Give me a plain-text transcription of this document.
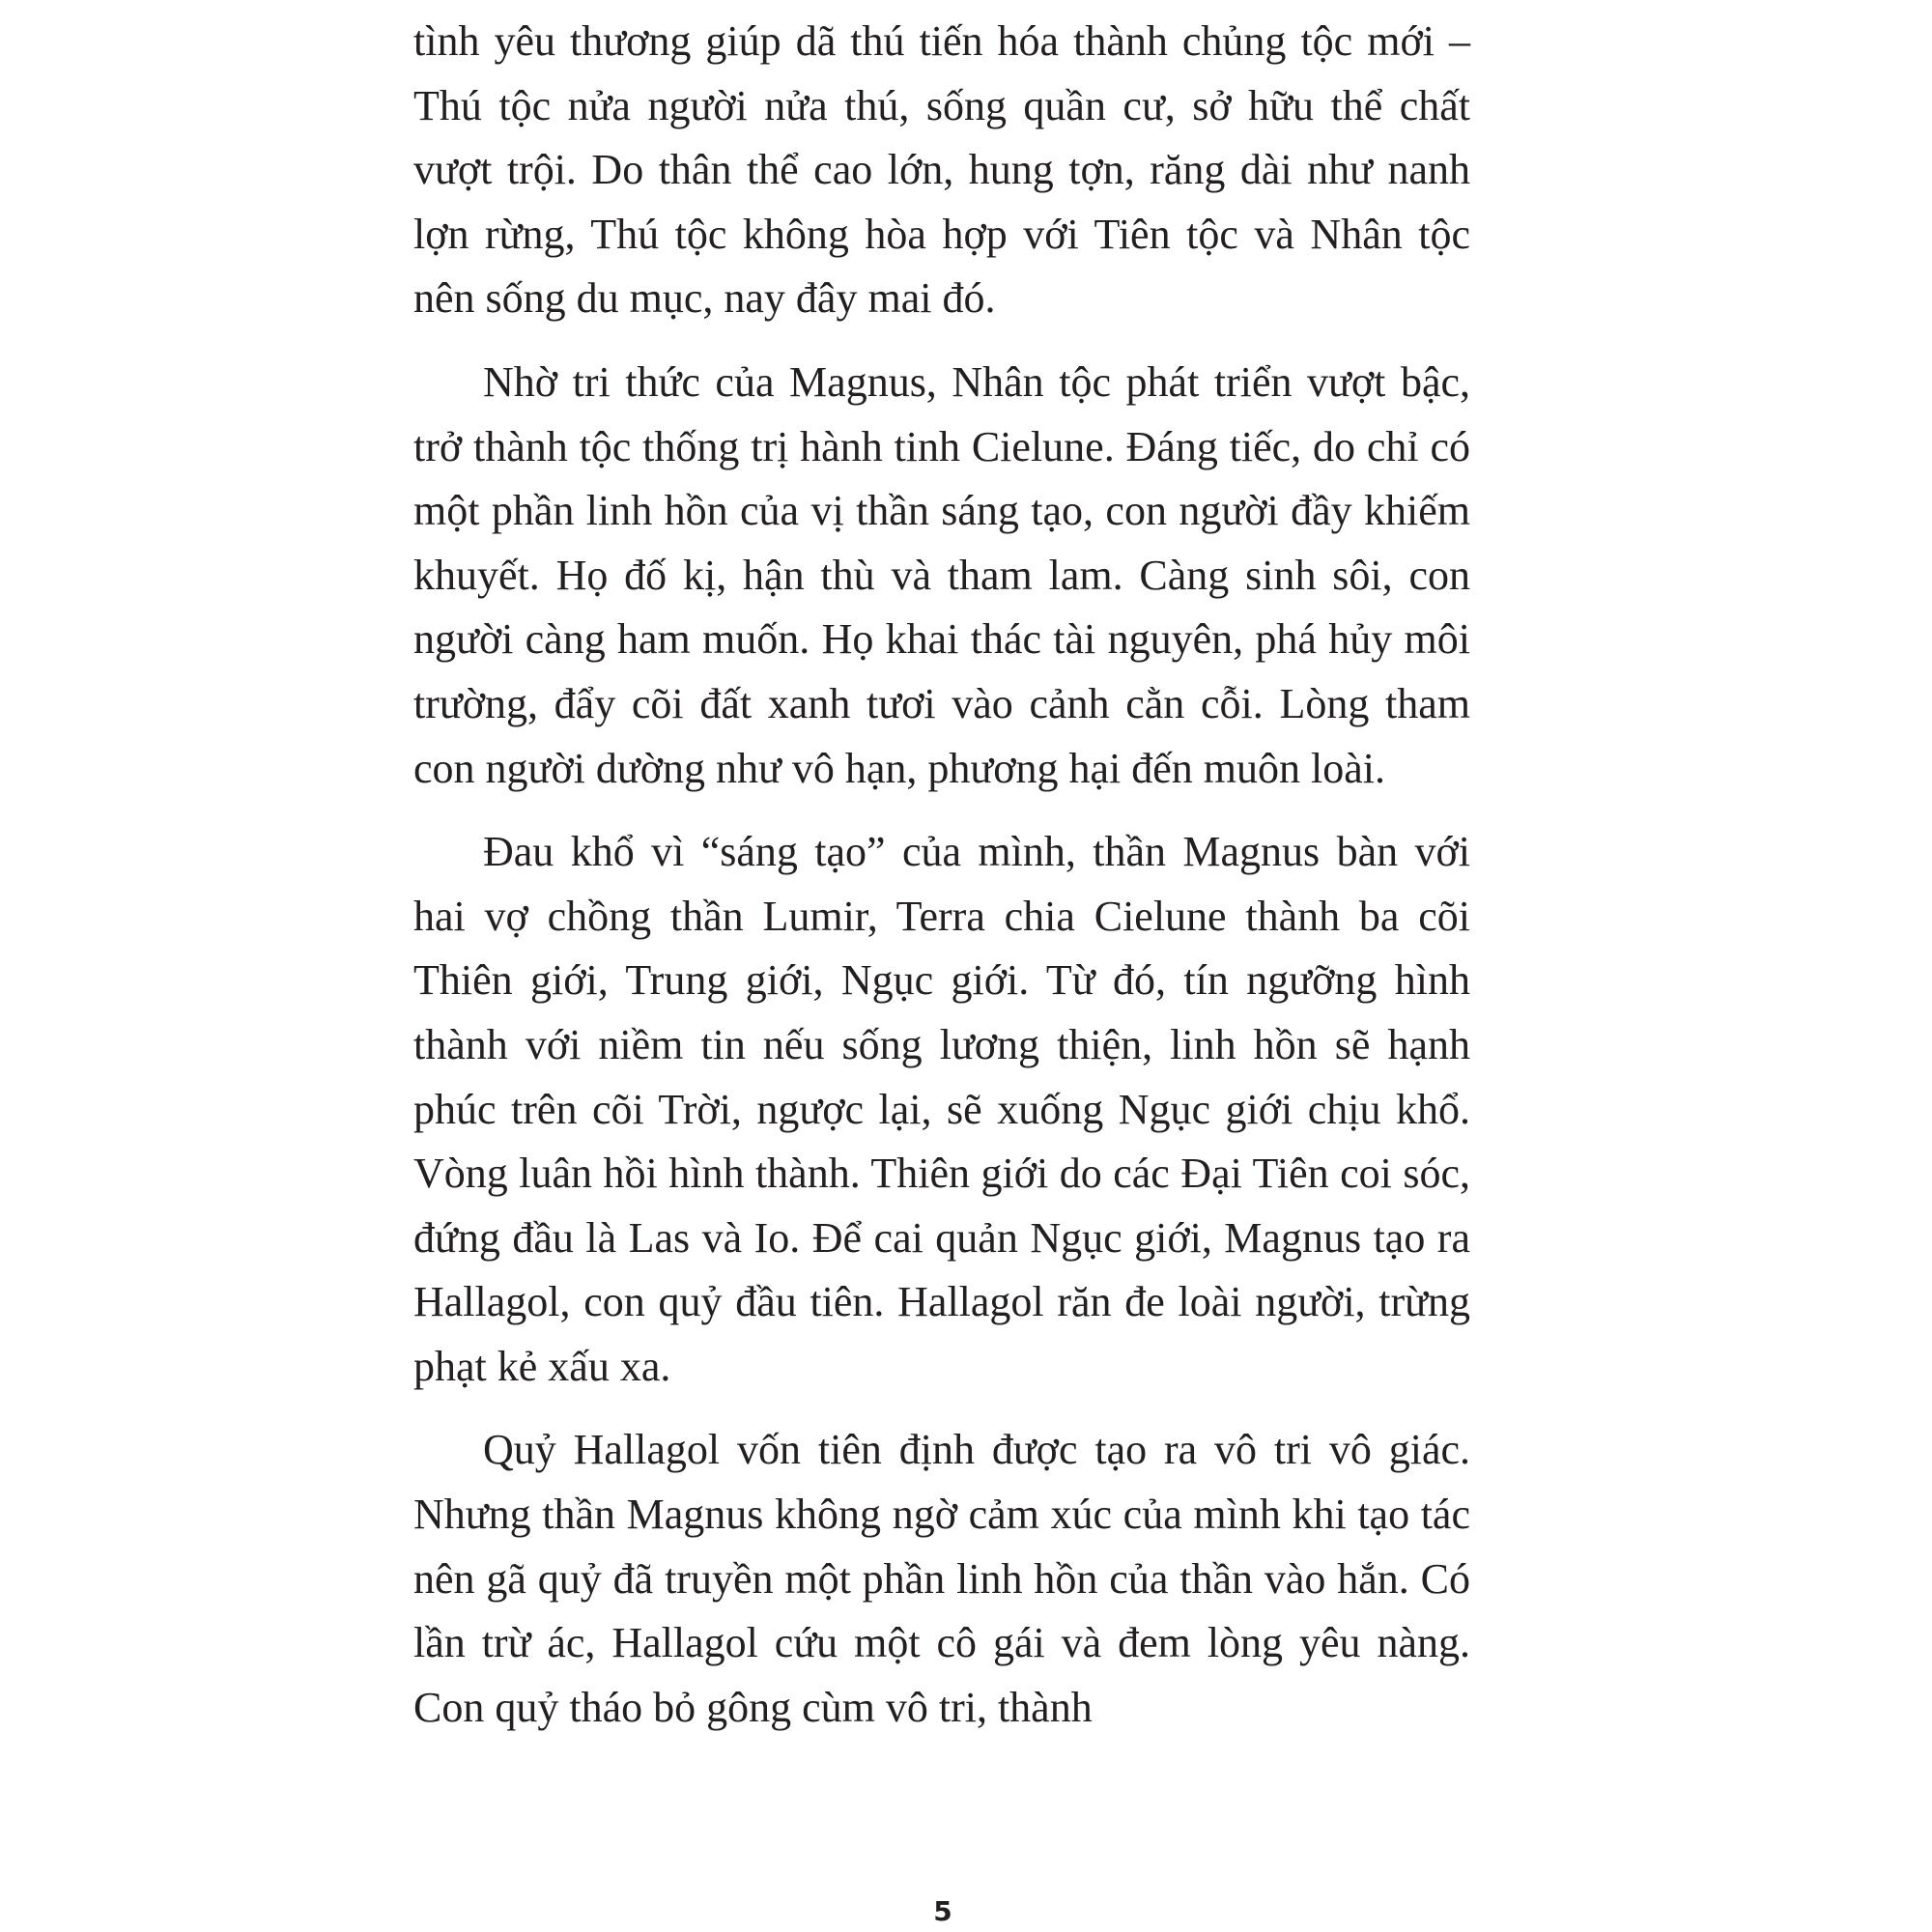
tình yêu thương giúp dã thú tiến hóa thành chủng tộc mới – Thú tộc nửa người nửa thú, sống quần cư, sở hữu thể chất vượt trội. Do thân thể cao lớn, hung tợn, răng dài như nanh lợn rừng, Thú tộc không hòa hợp với Tiên tộc và Nhân tộc nên sống du mục, nay đây mai đó.

Nhờ tri thức của Magnus, Nhân tộc phát triển vượt bậc, trở thành tộc thống trị hành tinh Cielune. Đáng tiếc, do chỉ có một phần linh hồn của vị thần sáng tạo, con người đầy khiếm khuyết. Họ đố kị, hận thù và tham lam. Càng sinh sôi, con người càng ham muốn. Họ khai thác tài nguyên, phá hủy môi trường, đẩy cõi đất xanh tươi vào cảnh cằn cỗi. Lòng tham con người dường như vô hạn, phương hại đến muôn loài.

Đau khổ vì “sáng tạo” của mình, thần Magnus bàn với hai vợ chồng thần Lumir, Terra chia Cielune thành ba cõi Thiên giới, Trung giới, Ngục giới. Từ đó, tín ngưỡng hình thành với niềm tin nếu sống lương thiện, linh hồn sẽ hạnh phúc trên cõi Trời, ngược lại, sẽ xuống Ngục giới chịu khổ. Vòng luân hồi hình thành. Thiên giới do các Đại Tiên coi sóc, đứng đầu là Las và Io. Để cai quản Ngục giới, Magnus tạo ra Hallagol, con quỷ đầu tiên. Hallagol răn đe loài người, trừng phạt kẻ xấu xa.

Quỷ Hallagol vốn tiên định được tạo ra vô tri vô giác. Nhưng thần Magnus không ngờ cảm xúc của mình khi tạo tác nên gã quỷ đã truyền một phần linh hồn của thần vào hắn. Có lần trừ ác, Hallagol cứu một cô gái và đem lòng yêu nàng. Con quỷ tháo bỏ gông cùm vô tri, thành

5
